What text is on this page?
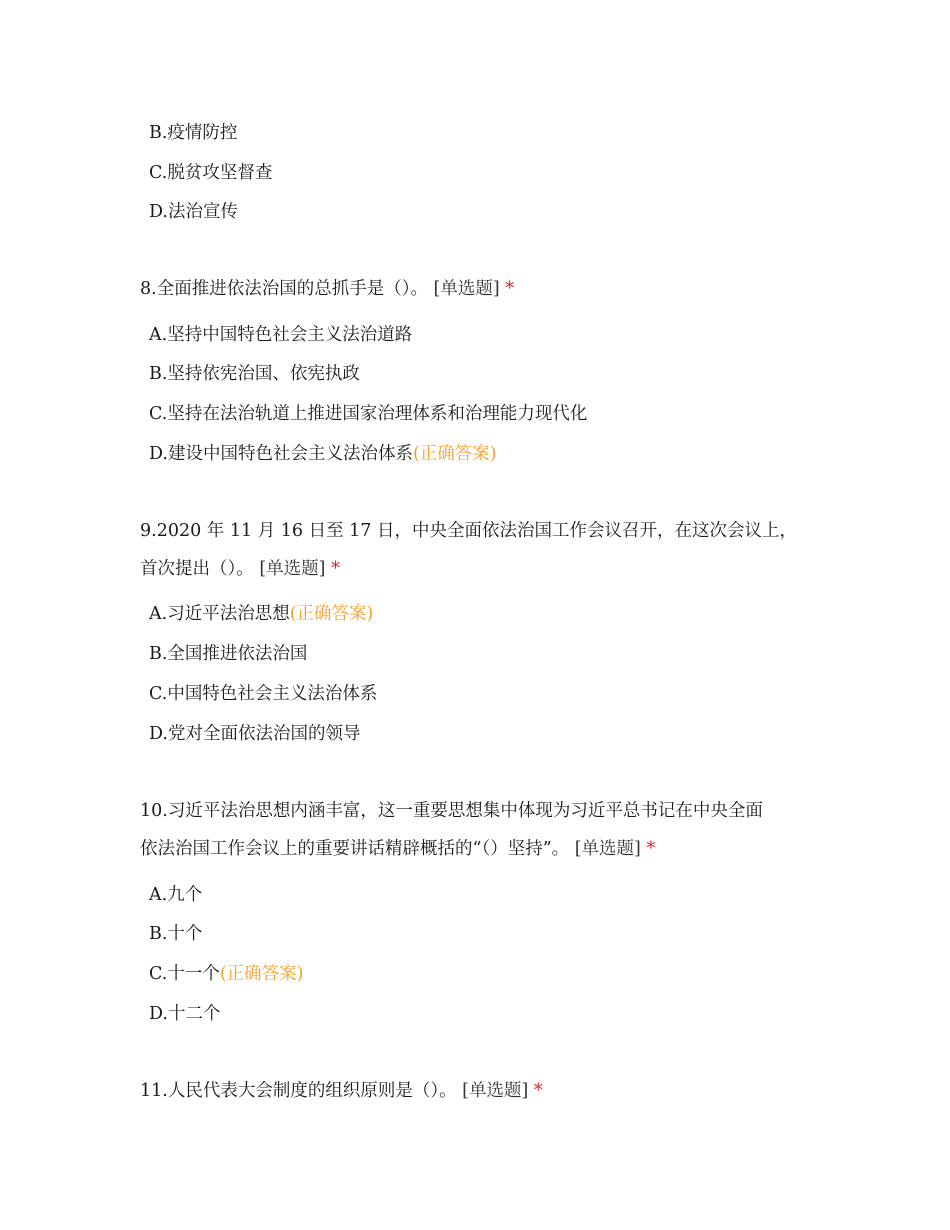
B.疫情防控
C.脱贫攻坚督查
D.法治宣传
8.全面推进依法治国的总抓手是（）。 [单选题] *
A.坚持中国特色社会主义法治道路
B.坚持依宪治国、依宪执政
C.坚持在法治轨道上推进国家治理体系和治理能力现代化
D.建设中国特色社会主义法治体系(正确答案)
9.2020 年 11 月 16 日至 17 日，中央全面依法治国工作会议召开，在这次会议上，
首次提出（）。 [单选题] *
A.习近平法治思想(正确答案)
B.全国推进依法治国
C.中国特色社会主义法治体系
D.党对全面依法治国的领导
10.习近平法治思想内涵丰富，这一重要思想集中体现为习近平总书记在中央全面
依法治国工作会议上的重要讲话精辟概括的“（）坚持”。 [单选题] *
A.九个
B.十个
C.十一个(正确答案)
D.十二个
11.人民代表大会制度的组织原则是（）。 [单选题] *
